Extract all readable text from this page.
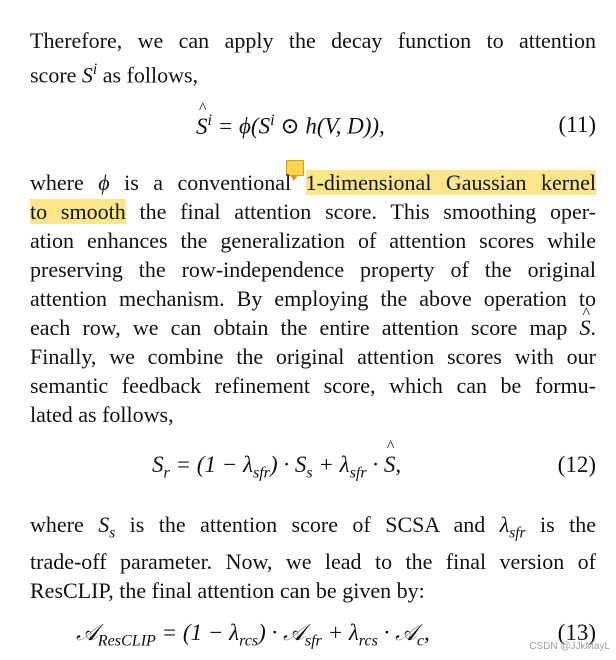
Therefore, we can apply the decay function to attention
score $S^i$ as follows,
^ $S^i = \phi(S^i$ ⊙ h(V, D)),	(11)
where ϕ is a conventional 1-dimensional Gaussian kernel
to smooth the final attention score. This smoothing oper-
ation enhances the generalization of attention scores while
preserving the row-independence property of the original
attention mechanism. By employing the above operation to
each row, we can obtain the entire attention score map ^ S.
Finally, we combine the original attention scores with our
semantic feedback refinement score, which can be formu-
lated as follows,
$S_r = (1 - \lambda_{sfr}) \cdot S_s + \lambda_{sfr}$ · ^ S,	(12)
where $S_s$ is the attention score of SCSA and $\lambda_{sfr}$ is the
trade-off parameter. Now, we lead to the final version of
ResCLIP, the final attention can be given by:
𝒜$_{ResCLIP}$ = $(1 - \lambda_{rcs})$ · 𝒜$_{sfr}$ + $\lambda_{rcs}$ · 𝒜$_c$,	(13)
CSDN @JJkMayL
